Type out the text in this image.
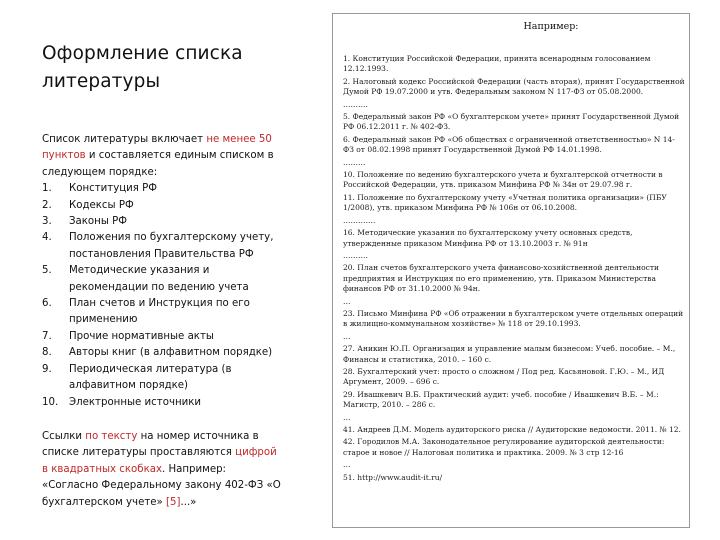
Оформление списка
литературы

Список литературы включает не менее 50 пунктов и составляется единым списком в следующем порядке:

1.	Конституция РФ
2.	Кодексы РФ
3.	Законы РФ
4.	Положения по бухгалтерскому учету, постановления Правительства РФ
5.	Методические указания и рекомендации по ведению учета
6.	План счетов и Инструкция по его применению
7.	Прочие нормативные акты
8.	Авторы книг (в алфавитном порядке)
9.	Периодическая литература (в алфавитном порядке)
10.	Электронные источники

Ссылки по тексту на номер источника в списке литературы проставляются цифрой в квадратных скобках. Например:

«Согласно Федеральному закону 402-ФЗ «О бухгалтерском учете» [5]...»

Например:

1. Конституция Российской Федерации, принята всенародным голосованием 12.12.1993.

2. Налоговый кодекс Российской Федерации (часть вторая), принят Государственной Думой РФ 19.07.2000 и утв. Федеральным законом N 117-ФЗ от 05.08.2000.

……….

5. Федеральный закон РФ «О бухгалтерском учете» принят Государственной Думой РФ 06.12.2011 г. № 402-ФЗ.

6. Федеральный закон РФ «Об обществах с ограниченной ответственностью» N 14-ФЗ от 08.02.1998 принят Государственной Думой РФ 14.01.1998.

………

10. Положение по ведению бухгалтерского учета и бухгалтерской отчетности в Российской Федерации, утв. приказом Минфина РФ № 34н от 29.07.98 г.

11. Положение по бухгалтерскому учету «Учетная политика организации» (ПБУ 1/2008), утв. приказом Минфина РФ № 106н от 06.10.2008.

………….

16. Методические указания по бухгалтерскому учету основных средств, утвержденные приказом Минфина РФ от 13.10.2003 г. № 91н

……….

20. План счетов бухгалтерского учета финансово-хозяйственной деятельности предприятия и Инструкция по его применению, утв. Приказом Министерства финансов РФ от 31.10.2000 № 94н.

…

23. Письмо Минфина РФ «Об отражении в бухгалтерском учете отдельных операций в жилищно-коммунальном хозяйстве» № 118 от 29.10.1993.

…

27. Аникин Ю.П. Организация и управление малым бизнесом: Учеб. пособие. – М., Финансы и статистика, 2010. – 160 с.

28. Бухгалтерский учет: просто о сложном / Под ред. Касьяновой. Г.Ю. – М., ИД Аргумент, 2009. – 696 с.

29. Ивашкевич В.Б. Практический аудит: учеб. пособие / Ивашкевич В.Б. – М.: Магистр, 2010. – 286 с.

…

41. Андреев Д.М. Модель аудиторского риска // Аудиторские ведомости. 2011. № 12.

42. Городилов М.А. Законодательное регулирование аудиторской деятельности: старое и новое // Налоговая политика и практика. 2009. № 3 стр 12-16

…

51. http://www.audit-it.ru/
